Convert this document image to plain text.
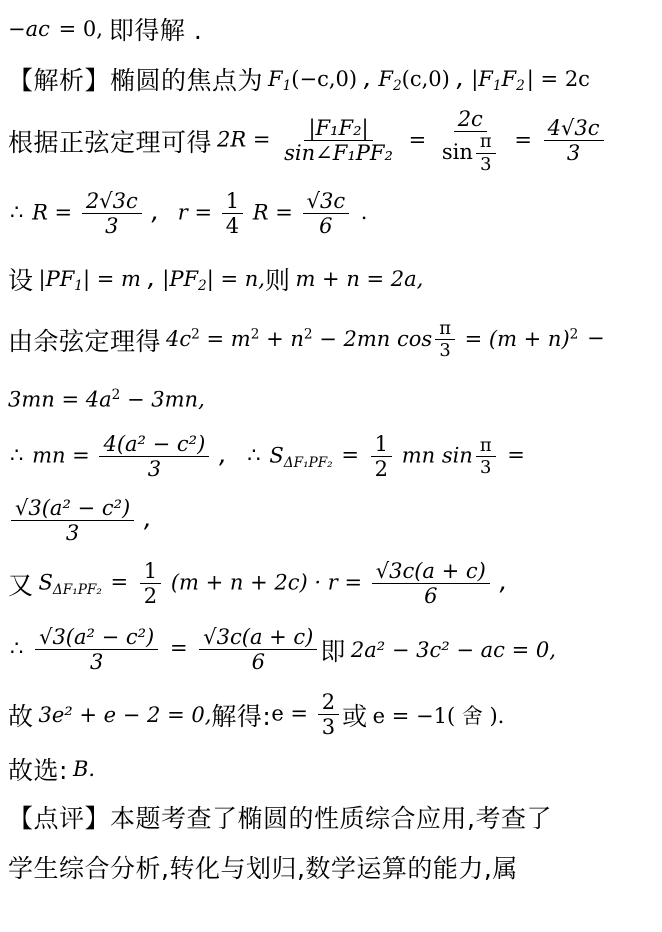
−ac = 0, 即得解 .
【解析】 椭圆的焦点为 $F_1(-c,0)$ , $F_2(c,0)$ , $|F_1F_2| = 2c$
根据正弦定理可得 $2R = \frac{\text{|F₁F₂|}}{\text{sin∠F₁PF₂}} = \frac{2c}{\sin \frac{\pi}{3}} = \frac{4√3c}{3}$
∴ $R = \frac{2√3c}{3}$ , $r = \frac{1}{4}$ $R = \frac{√3c}{6}$ .
设 $|PF_1| = m$ , $|PF_2| = n$, 则 m + n = 2a,
由余弦定理得 $4c^2 = m^2 + n^2 - 2mn$ $\cos \frac{\pi}{3} = (m + n)^2$ −
$3mn = 4a^2 - 3mn$,
∴ mn = $\frac{\text{4(a² − c²)}}{3}$ , ∴ $S_{\Delta F_1PF_2} = \frac{1}{2}$ mn $\sin \frac{\pi}{3}$ =
$\frac{\text{√3(a² − c²)}}{3}$ ,
又 $S_{\Delta F_1PF_2} = \frac{1}{2} (m + n + 2c) \cdot r = \frac{√3c(a + c)}{6}$ ,
∴ $\frac{\text{√3(a² − c²)}}{3} = \frac{√3c(a + c)}{6}$ 即 2a² − 3c² − ac = 0,
故 3e² + e − 2 = 0, 解得: $e = \frac{2}{3}$ 或 e = −1( 舍 ).
故选: B.
【点评】 本题考查了椭圆的性质综合应用,考查了
学生综合分析,转化与划归,数学运算的能力,属
